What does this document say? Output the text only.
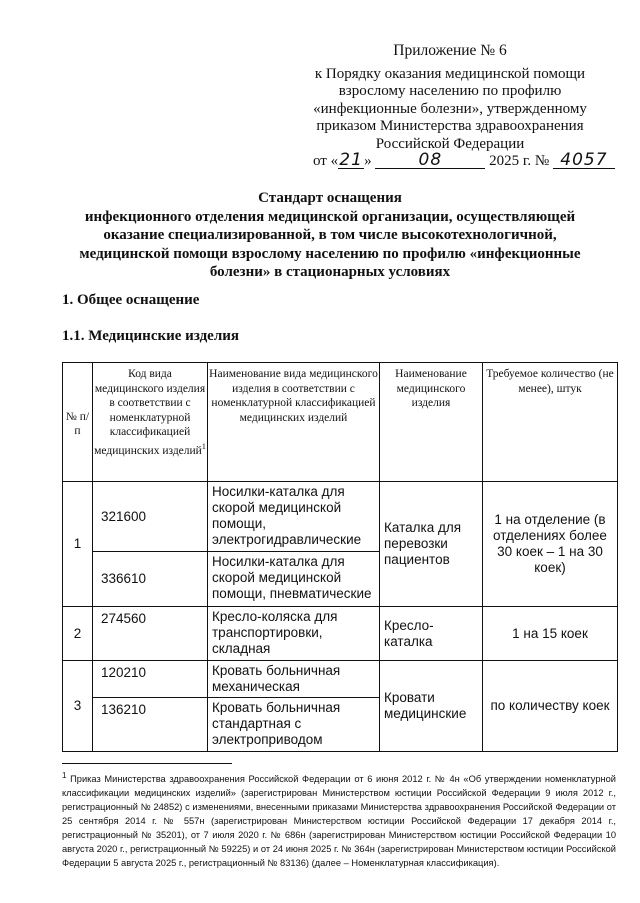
Приложение № 6
к Порядку оказания медицинской помощи
взрослому населению по профилю
«инфекционные болезни», утвержденному
приказом Министерства здравоохранения
Российской Федерации
от «21»	08	2025 г. № 4057
Стандарт оснащения
инфекционного отделения медицинской организации, осуществляющей
оказание специализированной, в том числе высокотехнологичной,
медицинской помощи взрослому населению по профилю «инфекционные
болезни» в стационарных условиях
1. Общее оснащение
1.1. Медицинские изделия
№ п/п	Код вида медицинского изделия в соответствии с номенклатурной классификацией медицинских изделий$^1$	Наименование вида медицинского изделия в соответствии с номенклатурной классификацией медицинских изделий	Наименование медицинского изделия	Требуемое количество (не менее), штук
1	321600	Носилки-каталка для скорой медицинской помощи, электрогидравлические	Каталка для перевозки пациентов	1 на отделение (в отделениях более 30 коек – 1 на 30 коек)
	336610	Носилки-каталка для скорой медицинской помощи, пневматические		
2	274560	Кресло-коляска для транспортировки, складная	Кресло-каталка	1 на 15 коек
3	120210	Кровать больничная механическая	Кровати медицинские	по количеству коек
	136210	Кровать больничная стандартная с электроприводом		
$^1$ Приказ Министерства здравоохранения Российской Федерации от 6 июня 2012 г. № 4н «Об утверждении номенклатурной классификации медицинских изделий» (зарегистрирован Министерством юстиции Российской Федерации 9 июля 2012 г., регистрационный № 24852) с изменениями, внесенными приказами Министерства здравоохранения Российской Федерации от 25 сентября 2014 г. № 557н (зарегистрирован Министерством юстиции Российской Федерации 17 декабря 2014 г., регистрационный № 35201), от 7 июля 2020 г. № 686н (зарегистрирован Министерством юстиции Российской Федерации 10 августа 2020 г., регистрационный № 59225) и от 24 июня 2025 г. № 364н (зарегистрирован Министерством юстиции Российской Федерации 5 августа 2025 г., регистрационный № 83136) (далее – Номенклатурная классификация).
